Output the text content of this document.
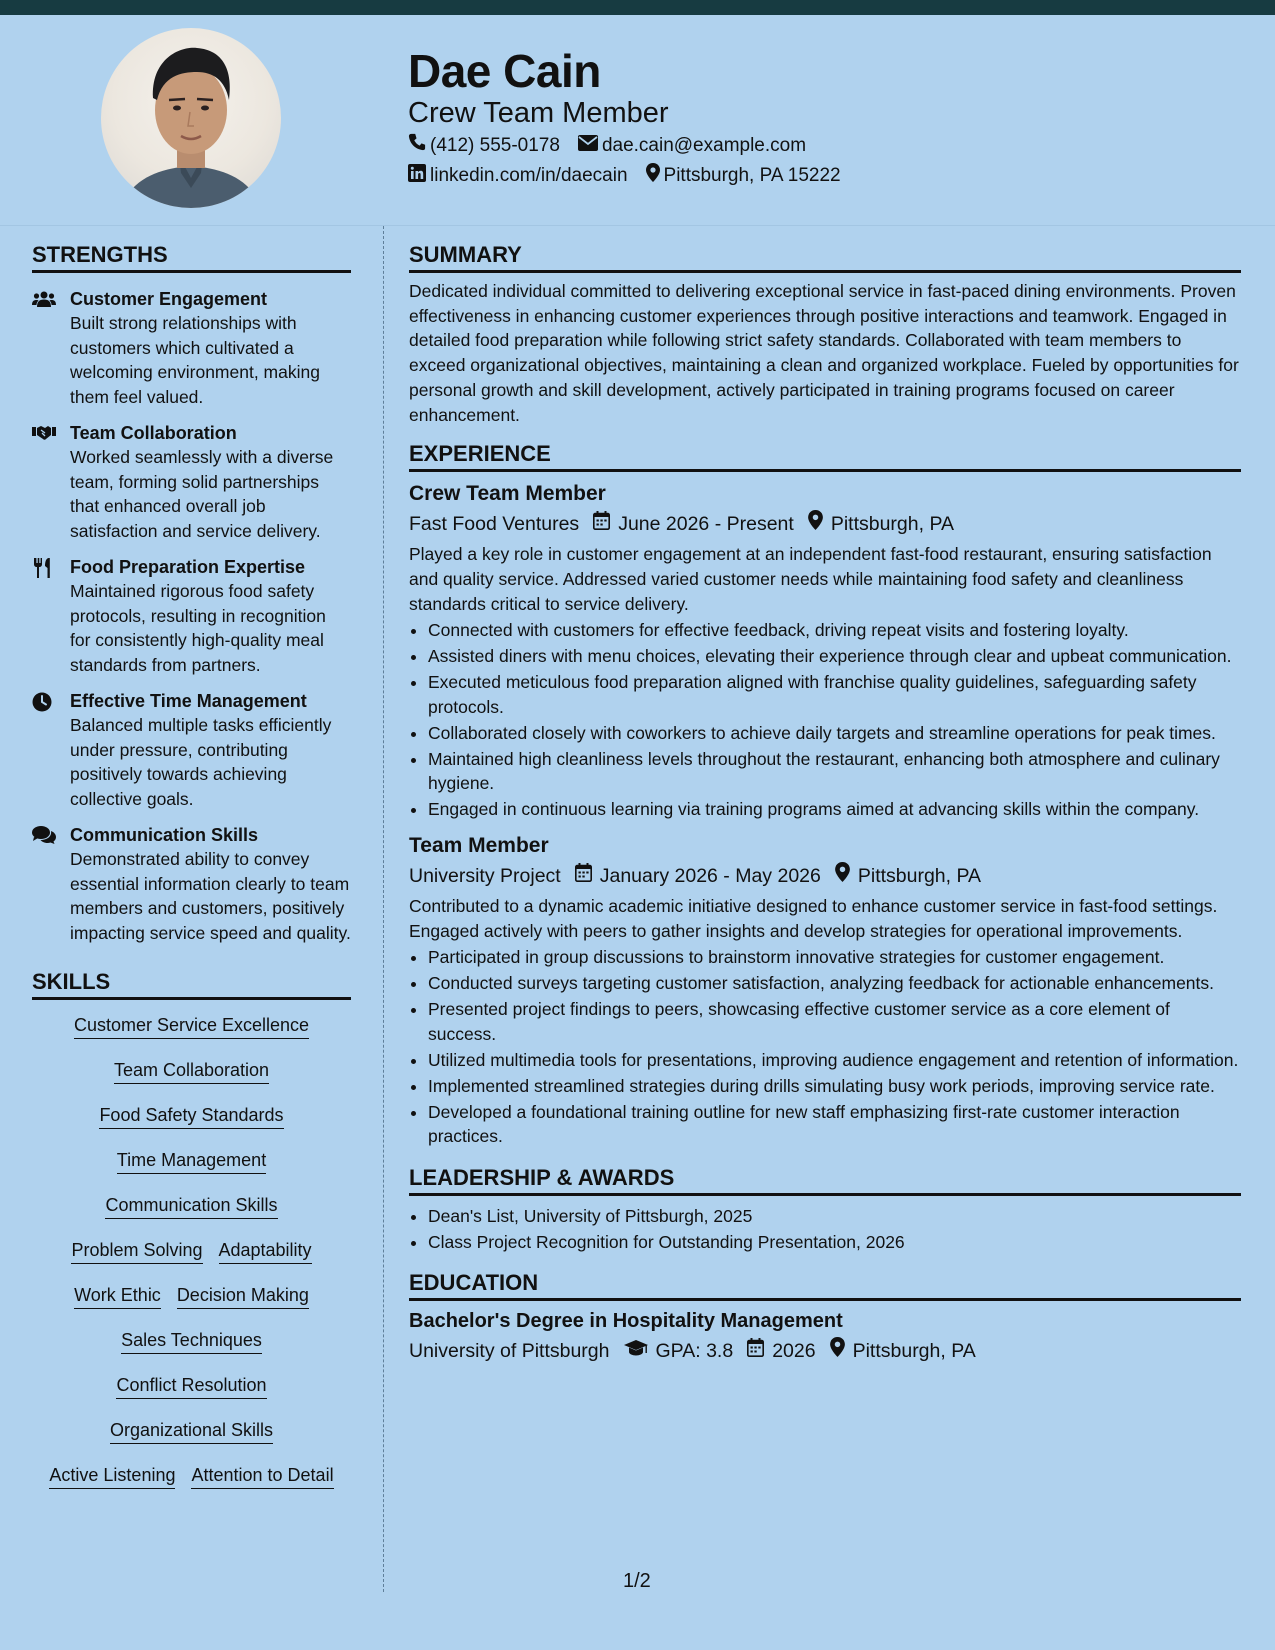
Dae Cain
Crew Team Member
(412) 555-0178 dae.cain@example.com
linkedin.com/in/daecain Pittsburgh, PA 15222
STRENGTHS
Customer Engagement
Built strong relationships with customers which cultivated a welcoming environment, making them feel valued.
Team Collaboration
Worked seamlessly with a diverse team, forming solid partnerships that enhanced overall job satisfaction and service delivery.
Food Preparation Expertise
Maintained rigorous food safety protocols, resulting in recognition for consistently high-quality meal standards from partners.
Effective Time Management
Balanced multiple tasks efficiently under pressure, contributing positively towards achieving collective goals.
Communication Skills
Demonstrated ability to convey essential information clearly to team members and customers, positively impacting service speed and quality.
SKILLS
Customer Service Excellence
Team Collaboration
Food Safety Standards
Time Management
Communication Skills
Problem Solving Adaptability
Work Ethic Decision Making
Sales Techniques
Conflict Resolution
Organizational Skills
Active Listening Attention to Detail
SUMMARY

Dedicated individual committed to delivering exceptional service in fast-paced dining environments. Proven effectiveness in enhancing customer experiences through positive interactions and teamwork. Engaged in detailed food preparation while following strict safety standards. Collaborated with team members to exceed organizational objectives, maintaining a clean and organized workplace. Fueled by opportunities for personal growth and skill development, actively participated in training programs focused on career enhancement.

EXPERIENCE
Crew Team Member
Fast Food Ventures June 2026 - Present Pittsburgh, PA

Played a key role in customer engagement at an independent fast-food restaurant, ensuring satisfaction and quality service. Addressed varied customer needs while maintaining food safety and cleanliness standards critical to service delivery.

• Connected with customers for effective feedback, driving repeat visits and fostering loyalty.
• Assisted diners with menu choices, elevating their experience through clear and upbeat communication.
• Executed meticulous food preparation aligned with franchise quality guidelines, safeguarding safety protocols.
• Collaborated closely with coworkers to achieve daily targets and streamline operations for peak times.
• Maintained high cleanliness levels throughout the restaurant, enhancing both atmosphere and culinary hygiene.
• Engaged in continuous learning via training programs aimed at advancing skills within the company.
Team Member
University Project January 2026 - May 2026 Pittsburgh, PA

Contributed to a dynamic academic initiative designed to enhance customer service in fast-food settings. Engaged actively with peers to gather insights and develop strategies for operational improvements.

• Participated in group discussions to brainstorm innovative strategies for customer engagement.
• Conducted surveys targeting customer satisfaction, analyzing feedback for actionable enhancements.
• Presented project findings to peers, showcasing effective customer service as a core element of success.
• Utilized multimedia tools for presentations, improving audience engagement and retention of information.
• Implemented streamlined strategies during drills simulating busy work periods, improving service rate.
• Developed a foundational training outline for new staff emphasizing first-rate customer interaction practices.
LEADERSHIP & AWARDS
• Dean's List, University of Pittsburgh, 2025
• Class Project Recognition for Outstanding Presentation, 2026
EDUCATION
Bachelor's Degree in Hospitality Management
University of Pittsburgh GPA: 3.8 2026 Pittsburgh, PA
1/2
